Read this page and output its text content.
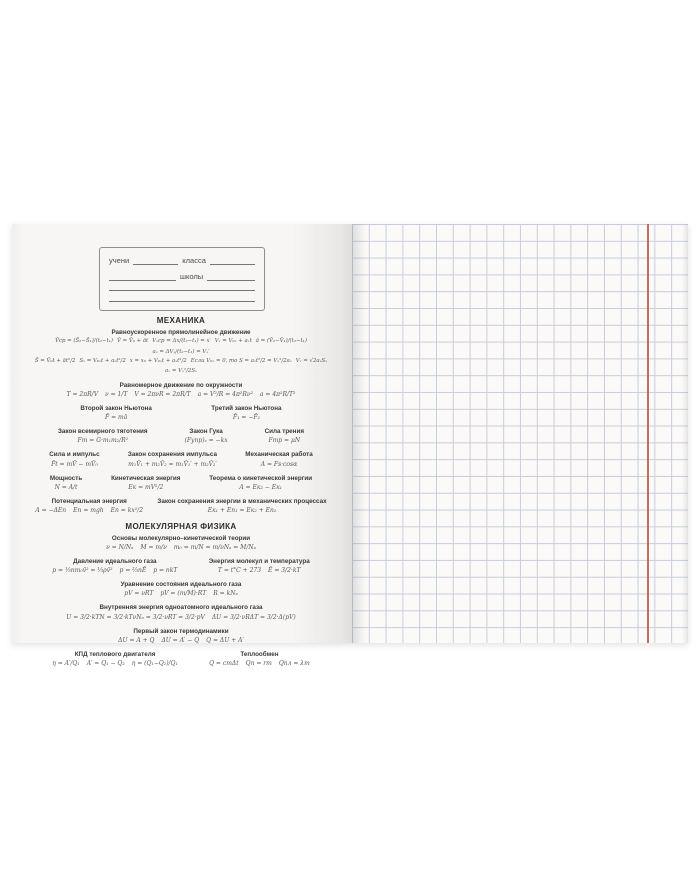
учени	класса
школы
МЕХАНИКА
Равноускоренное прямолинейное движение
V̄ср = (S̄₂−S̄₁)/(t₂−t₁) V̄ = V̄₀ + āt Vₓср = Δx/(t₂−t₁) = x′ Vₓ = V₀ₓ + aₓt ā = (V̄₂−V̄₁)/(t₂−t₁)
aₓ = ΔVₓ/(t₂−t₁) = Vₓ′
S̄ = V̄₀t + āt²/2 Sₓ = V₀ₓt + aₓt²/2 x = x₀ + V₀ₓt + aₓt²/2 Если V₀ₓ = 0, то S = aₓt²/2 = Vₓ²/2aₓ Vₓ = √2aₓSₓ
aₓ = Vₓ²/2Sₓ
Равномерное движение по окружности
T = 2πR/V ν = 1/T V = 2πνR = 2πR/T a = V²/R = 4π²Rν² a = 4π²R/T²
Второй закон Ньютона
F̄ = mā
Третий закон Ньютона
F̄₁ = −F̄₂
Закон всемирного тяготения
Fт = G·m₁m₂/R²
Закон Гука
(Fупр)ₓ = −kx
Сила трения
Fтр = μN
Сила и импульс
F̄t = mV̄ − mV̄₀
Закон сохранения импульса
m₁V̄₁ + m₂V̄₂ = m₁V̄₁′ + m₂V̄₂′
Механическая работа
A = Fs·cosα
Мощность
N = A/t
Кинетическая энергия
Eк = mV²/2
Теорема о кинетической энергии
A = Eк₂ − Eк₁
Потенциальная энергия
A = −ΔEп Eп = mgh Eп = kx²/2
Закон сохранения энергии в механических процессах
Eк₁ + Eп₁ = Eк₂ + Eп₂
МОЛЕКУЛЯРНАЯ ФИЗИКА
Основы молекулярно–кинетической теории
ν = N/Nₐ M = m/ν m₀ = m/N = m/νNₐ = M/Nₐ
Давление идеального газа
p = ⅓nm₀v̄² = ⅓ρv̄² p = ⅔nĒ p = nkT
Энергия молекул и температура
T = t°C + 273 Ē = 3/2·kT
Уравнение состояния идеального газа
pV = νRT pV = (m/M)·RT R = kNₐ
Внутренняя энергия одноатомного идеального газа
U = 3/2·kTN = 3/2·kTνNₐ = 3/2·νRT = 3/2·pV ΔU = 3/2·νRΔT = 3/2·Δ(pV)
Первый закон термодинамики
ΔU = A + Q ΔU = A′ − Q Q = ΔU + A′
КПД теплового двигателя
η = A′/Q₁ A′ = Q₁ − Q₂ η = (Q₁−Q₂)/Q₁
Теплообмен
Q = cmΔt Qп = rm Qпл = λm
